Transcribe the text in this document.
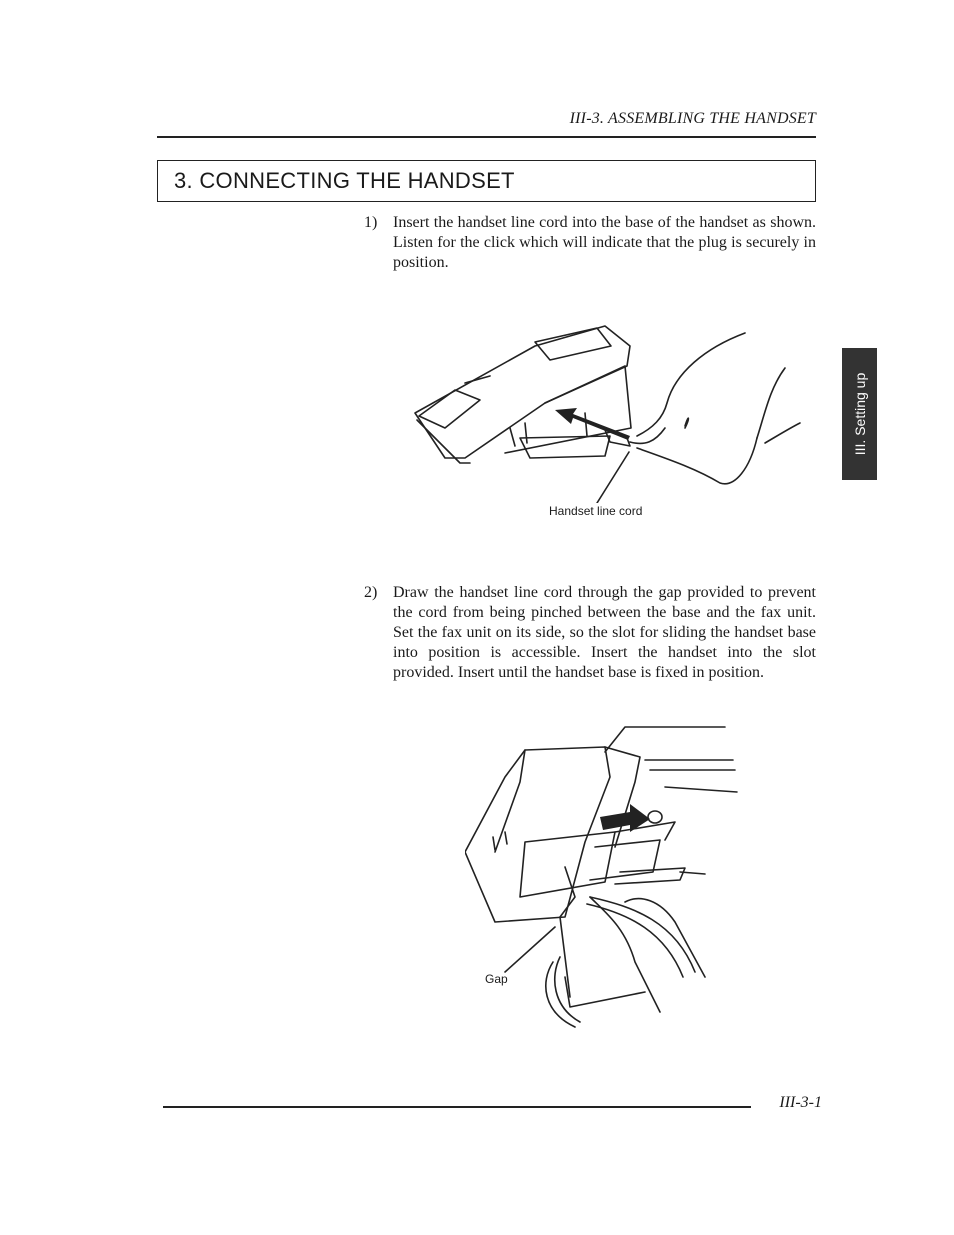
III-3. ASSEMBLING THE HANDSET
3. CONNECTING THE HANDSET
1) Insert the handset line cord into the base of the handset as shown. Listen for the click which will indicate that the plug is securely in position.
Handset line cord
2) Draw the handset line cord through the gap provided to prevent the cord from being pinched between the base and the fax unit. Set the fax unit on its side, so the slot for sliding the handset base into position is accessible. Insert the handset into the slot provided. Insert until the handset base is fixed in position.
Gap
III. Setting up
III-3-1
